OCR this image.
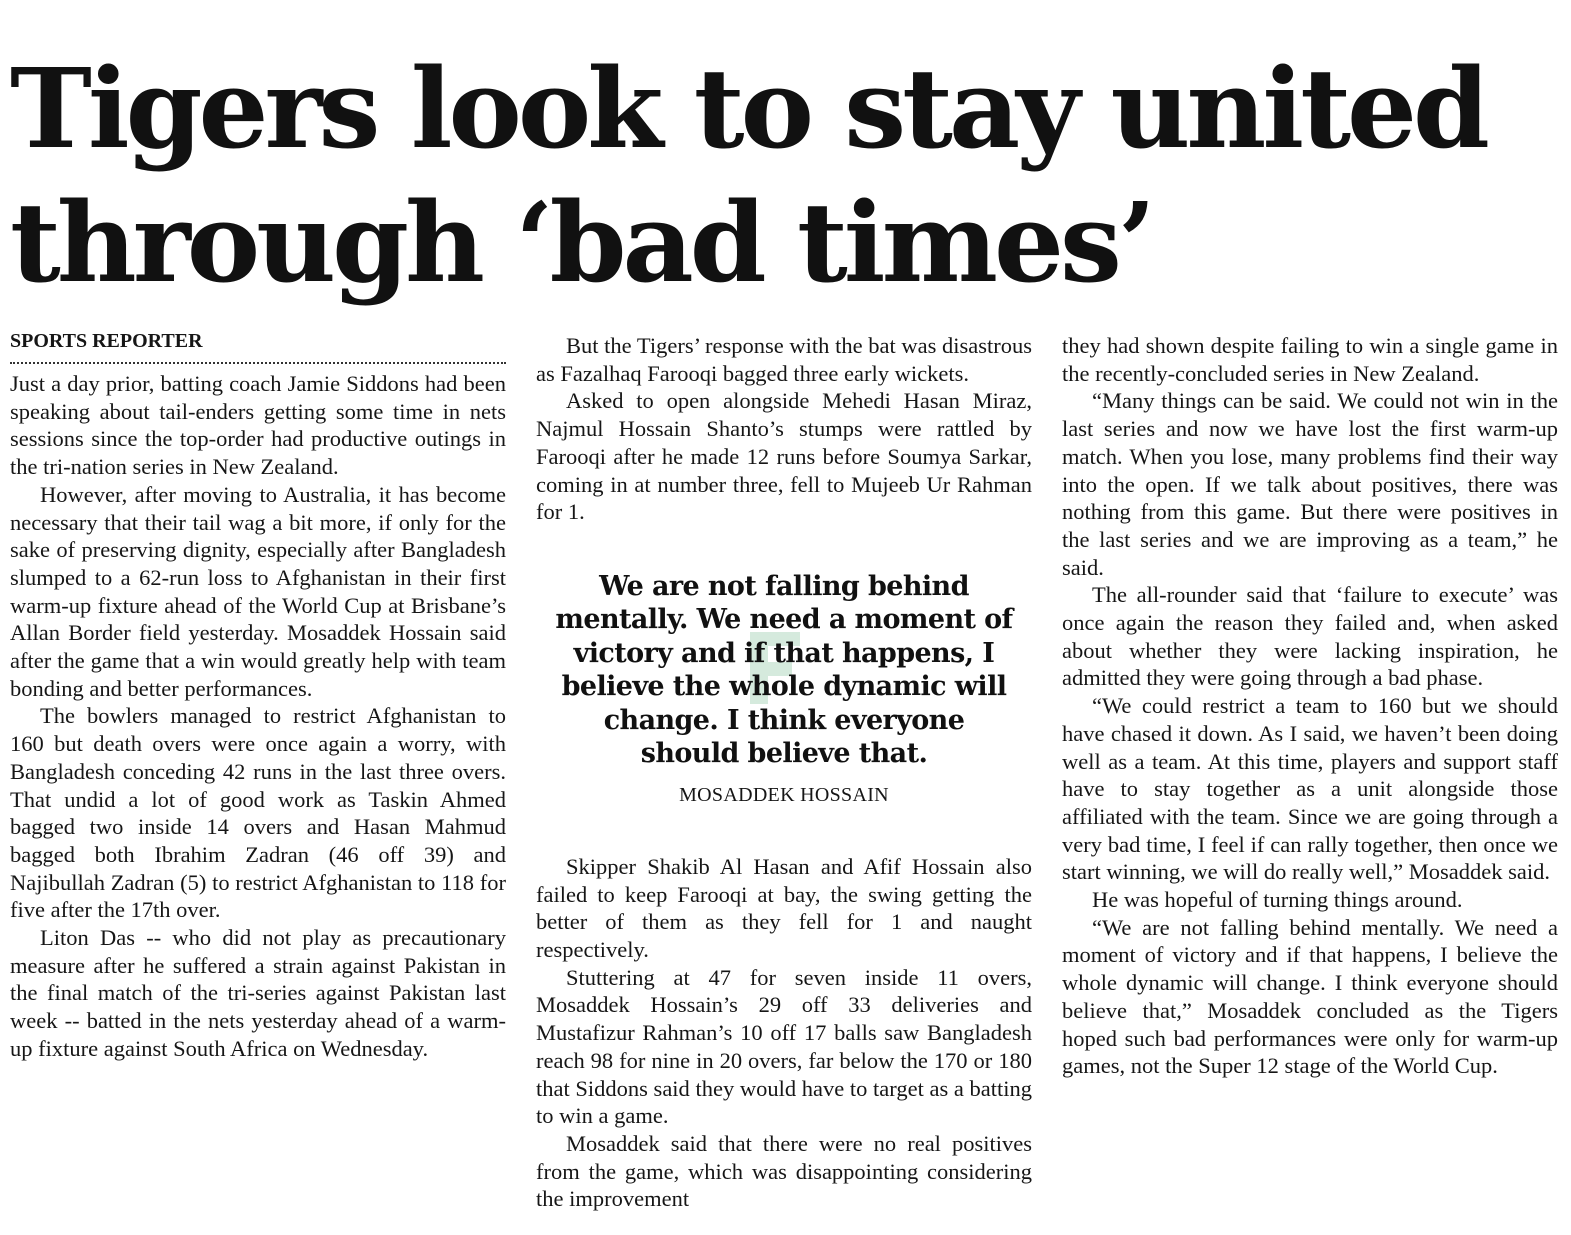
Tigers look to stay united
through ‘bad times’
SPORTS REPORTER

Just a day prior, batting coach Jamie Siddons had been speaking about tail-enders getting some time in nets sessions since the top-order had productive outings in the tri-nation series in New Zealand.

However, after moving to Australia, it has become necessary that their tail wag a bit more, if only for the sake of preserving dignity, especially after Bangladesh slumped to a 62-run loss to Afghanistan in their first warm-up fixture ahead of the World Cup at Brisbane’s Allan Border field yesterday. Mosaddek Hossain said after the game that a win would greatly help with team bonding and better performances.

The bowlers managed to restrict Afghanistan to 160 but death overs were once again a worry, with Bangladesh conceding 42 runs in the last three overs. That undid a lot of good work as Taskin Ahmed bagged two inside 14 overs and Hasan Mahmud bagged both Ibrahim Zadran (46 off 39) and Najibullah Zadran (5) to restrict Afghanistan to 118 for five after the 17th over.

Liton Das -- who did not play as precautionary measure after he suffered a strain against Pakistan in the final match of the tri-series against Pakistan last week -- batted in the nets yesterday ahead of a warm-up fixture against South Africa on Wednesday.

But the Tigers’ response with the bat was disastrous as Fazalhaq Farooqi bagged three early wickets.

Asked to open alongside Mehedi Hasan Miraz, Najmul Hossain Shanto’s stumps were rattled by Farooqi after he made 12 runs before Soumya Sarkar, coming in at number three, fell to Mujeeb Ur Rahman for 1.

We are not falling behind mentally. We need a moment of victory and if that happens, I believe the whole dynamic will change. I think everyone should believe that.
MOSADDEK HOSSAIN

Skipper Shakib Al Hasan and Afif Hossain also failed to keep Farooqi at bay, the swing getting the better of them as they fell for 1 and naught respectively.

Stuttering at 47 for seven inside 11 overs, Mosaddek Hossain’s 29 off 33 deliveries and Mustafizur Rahman’s 10 off 17 balls saw Bangladesh reach 98 for nine in 20 overs, far below the 170 or 180 that Siddons said they would have to target as a batting to win a game.

Mosaddek said that there were no real positives from the game, which was disappointing considering the improvement

they had shown despite failing to win a single game in the recently-concluded series in New Zealand.

“Many things can be said. We could not win in the last series and now we have lost the first warm-up match. When you lose, many problems find their way into the open. If we talk about positives, there was nothing from this game. But there were positives in the last series and we are improving as a team,” he said.

The all-rounder said that ‘failure to execute’ was once again the reason they failed and, when asked about whether they were lacking inspiration, he admitted they were going through a bad phase.

“We could restrict a team to 160 but we should have chased it down. As I said, we haven’t been doing well as a team. At this time, players and support staff have to stay together as a unit alongside those affiliated with the team. Since we are going through a very bad time, I feel if can rally together, then once we start winning, we will do really well,” Mosaddek said.

He was hopeful of turning things around.

“We are not falling behind mentally. We need a moment of victory and if that happens, I believe the whole dynamic will change. I think everyone should believe that,” Mosaddek concluded as the Tigers hoped such bad performances were only for warm-up games, not the Super 12 stage of the World Cup.
